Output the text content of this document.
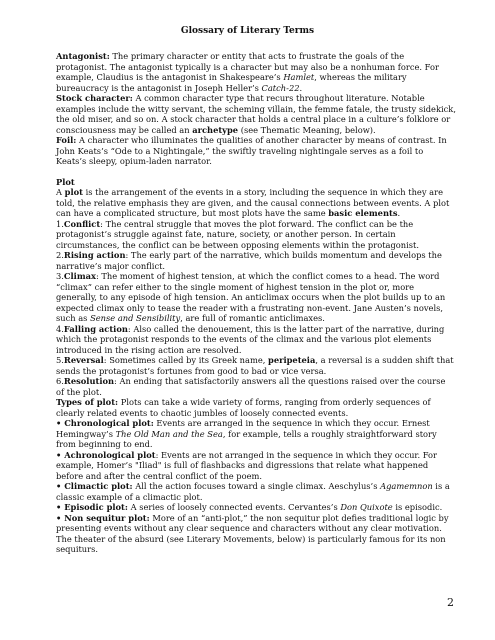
Glossary of Literary Terms

Antagonist: The primary character or entity that acts to frustrate the goals of the protagonist. The antagonist typically is a character but may also be a nonhuman force. For example, Claudius is the antagonist in Shakespeare’s Hamlet, whereas the military bureaucracy is the antagonist in Joseph Heller’s Catch-22.

Stock character: A common character type that recurs throughout literature. Notable examples include the witty servant, the scheming villain, the femme fatale, the trusty sidekick, the old miser, and so on. A stock character that holds a central place in a culture’s folklore or consciousness may be called an archetype (see Thematic Meaning, below).

Foil: A character who illuminates the qualities of another character by means of contrast. In John Keats’s “Ode to a Nightingale,” the swiftly traveling nightingale serves as a foil to Keats’s sleepy, opium-laden narrator.

Plot

A plot is the arrangement of the events in a story, including the sequence in which they are told, the relative emphasis they are given, and the causal connections between events. A plot can have a complicated structure, but most plots have the same basic elements.

1.Conflict: The central struggle that moves the plot forward. The conflict can be the protagonist’s struggle against fate, nature, society, or another person. In certain circumstances, the conflict can be between opposing elements within the protagonist.

2.Rising action: The early part of the narrative, which builds momentum and develops the narrative’s major conflict.

3.Climax: The moment of highest tension, at which the conflict comes to a head. The word “climax” can refer either to the single moment of highest tension in the plot or, more generally, to any episode of high tension. An anticlimax occurs when the plot builds up to an expected climax only to tease the reader with a frustrating non-event. Jane Austen’s novels, such as Sense and Sensibility, are full of romantic anticlimaxes.

4.Falling action: Also called the denouement, this is the latter part of the narrative, during which the protagonist responds to the events of the climax and the various plot elements introduced in the rising action are resolved.

5.Reversal: Sometimes called by its Greek name, peripeteia, a reversal is a sudden shift that sends the protagonist’s fortunes from good to bad or vice versa.

6.Resolution: An ending that satisfactorily answers all the questions raised over the course of the plot.

Types of plot: Plots can take a wide variety of forms, ranging from orderly sequences of clearly related events to chaotic jumbles of loosely connected events.

• Chronological plot: Events are arranged in the sequence in which they occur. Ernest Hemingway’s The Old Man and the Sea, for example, tells a roughly straightforward story from beginning to end.

• Achronological plot: Events are not arranged in the sequence in which they occur. For example, Homer’s "Iliad" is full of flashbacks and digressions that relate what happened before and after the central conflict of the poem.

• Climactic plot: All the action focuses toward a single climax. Aeschylus’s Agamemnon is a classic example of a climactic plot.

• Episodic plot: A series of loosely connected events. Cervantes’s Don Quixote is episodic.

• Non sequitur plot: More of an “anti-plot,” the non sequitur plot defies traditional logic by presenting events without any clear sequence and characters without any clear motivation. The theater of the absurd (see Literary Movements, below) is particularly famous for its non sequiturs.

2
